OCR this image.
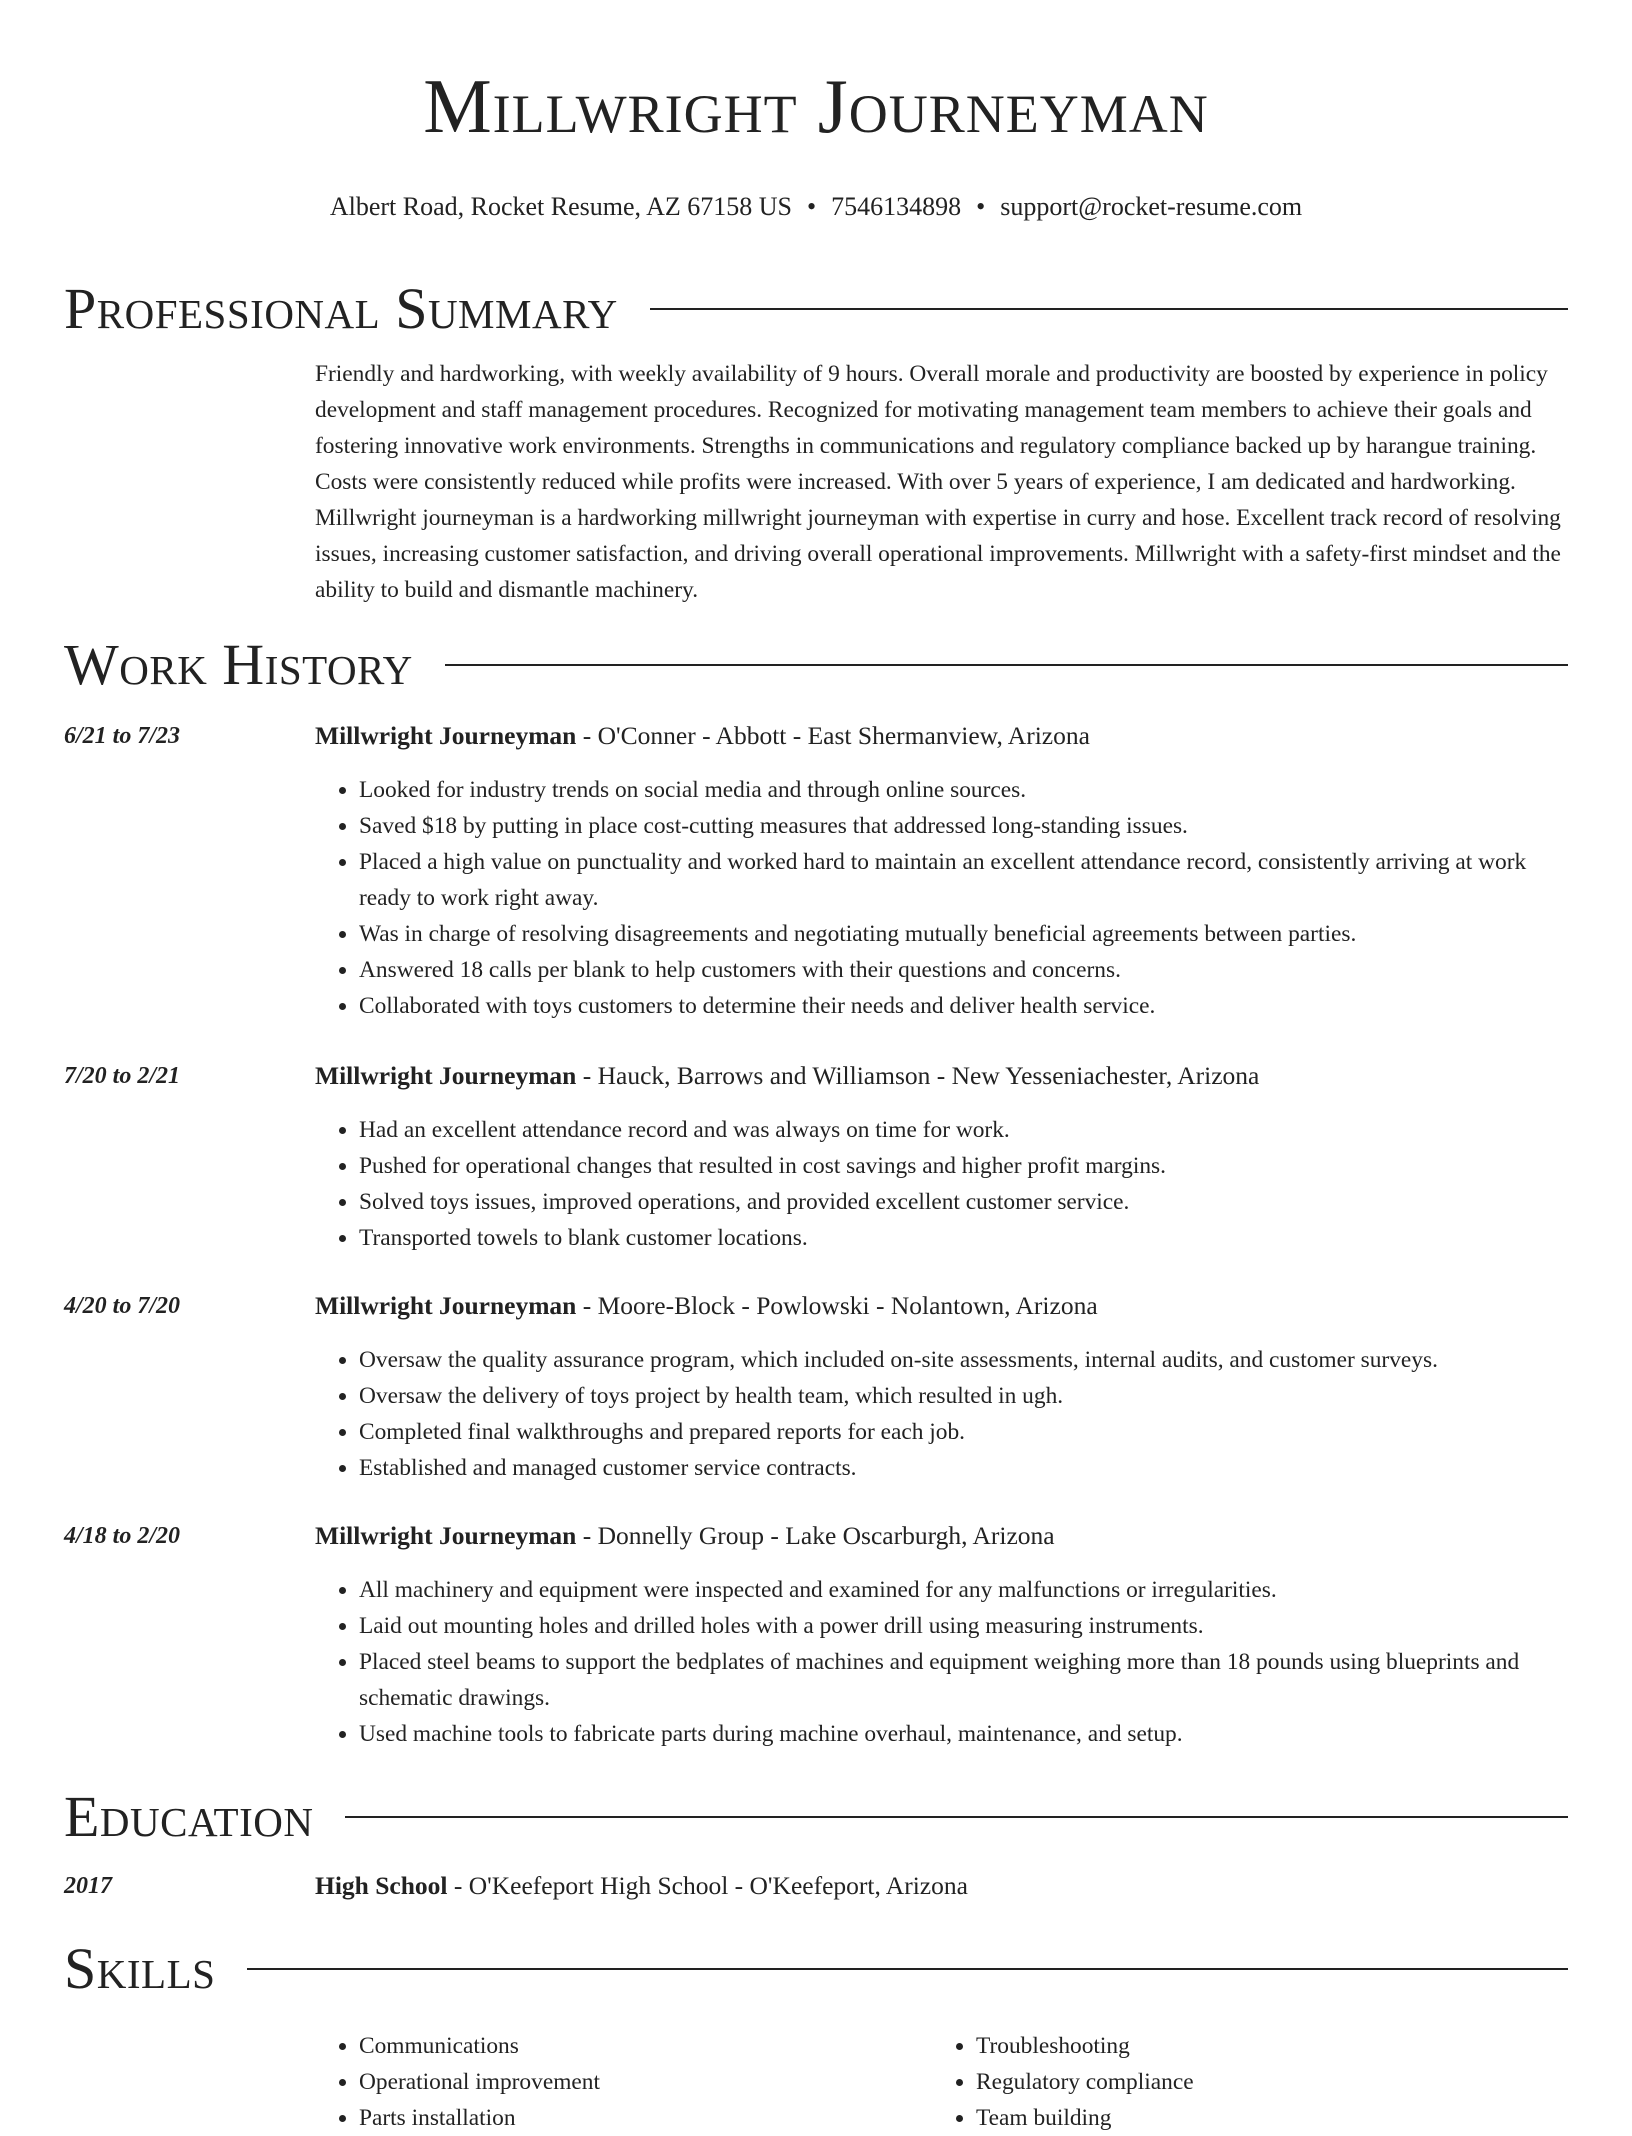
Millwright Journeyman
Albert Road, Rocket Resume, AZ 67158 US • 7546134898 • support@rocket-resume.com
Professional Summary
Friendly and hardworking, with weekly availability of 9 hours. Overall morale and productivity are boosted by experience in policy development and staff management procedures. Recognized for motivating management team members to achieve their goals and fostering innovative work environments. Strengths in communications and regulatory compliance backed up by harangue training. Costs were consistently reduced while profits were increased. With over 5 years of experience, I am dedicated and hardworking. Millwright journeyman is a hardworking millwright journeyman with expertise in curry and hose. Excellent track record of resolving issues, increasing customer satisfaction, and driving overall operational improvements. Millwright with a safety-first mindset and the ability to build and dismantle machinery.
Work History
6/21 to 7/23	Millwright Journeyman - O'Conner - Abbott - East Shermanview, Arizona
• Looked for industry trends on social media and through online sources.
• Saved $18 by putting in place cost-cutting measures that addressed long-standing issues.
• Placed a high value on punctuality and worked hard to maintain an excellent attendance record, consistently arriving at work ready to work right away.
• Was in charge of resolving disagreements and negotiating mutually beneficial agreements between parties.
• Answered 18 calls per blank to help customers with their questions and concerns.
• Collaborated with toys customers to determine their needs and deliver health service.
7/20 to 2/21	Millwright Journeyman - Hauck, Barrows and Williamson - New Yesseniachester, Arizona
• Had an excellent attendance record and was always on time for work.
• Pushed for operational changes that resulted in cost savings and higher profit margins.
• Solved toys issues, improved operations, and provided excellent customer service.
• Transported towels to blank customer locations.
4/20 to 7/20	Millwright Journeyman - Moore-Block - Powlowski - Nolantown, Arizona
• Oversaw the quality assurance program, which included on-site assessments, internal audits, and customer surveys.
• Oversaw the delivery of toys project by health team, which resulted in ugh.
• Completed final walkthroughs and prepared reports for each job.
• Established and managed customer service contracts.
4/18 to 2/20	Millwright Journeyman - Donnelly Group - Lake Oscarburgh, Arizona
• All machinery and equipment were inspected and examined for any malfunctions or irregularities.
• Laid out mounting holes and drilled holes with a power drill using measuring instruments.
• Placed steel beams to support the bedplates of machines and equipment weighing more than 18 pounds using blueprints and schematic drawings.
• Used machine tools to fabricate parts during machine overhaul, maintenance, and setup.
Education
2017	High School - O'Keefeport High School - O'Keefeport, Arizona
Skills
• Communications
• Operational improvement
• Parts installation
• Troubleshooting
• Regulatory compliance
• Team building
